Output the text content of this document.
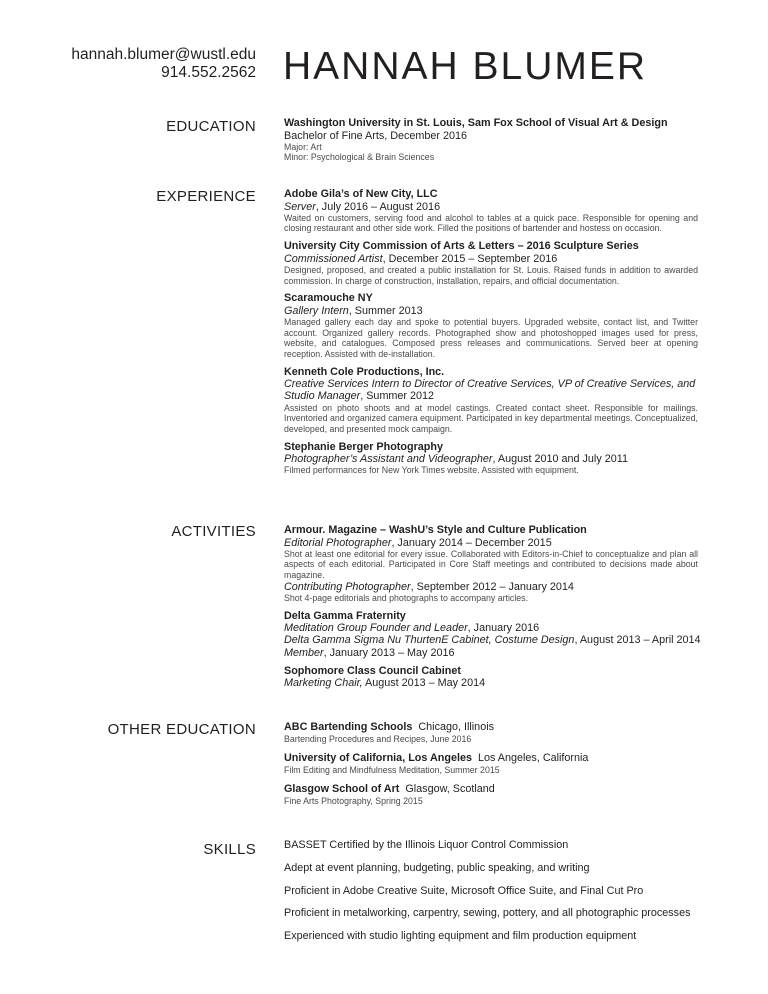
hannah.blumer@wustl.edu
914.552.2562 HANNAH BLUMER
EDUCATION	Washington University in St. Louis, Sam Fox School of Visual Art & Design
Bachelor of Fine Arts, December 2016
Major: Art
Minor: Psychological & Brain Sciences
EXPERIENCE	Adobe Gila’s of New City, LLC
Server, July 2016 – August 2016
Waited on customers, serving food and alcohol to tables at a quick pace. Responsible for opening and closing restaurant and other side work. Filled the positions of bartender and hostess on occasion.
University City Commission of Arts & Letters – 2016 Sculpture Series
Commissioned Artist, December 2015 – September 2016
Designed, proposed, and created a public installation for St. Louis. Raised funds in addition to awarded commission. In charge of construction, installation, repairs, and official documentation.
Scaramouche NY
Gallery Intern, Summer 2013
Managed gallery each day and spoke to potential buyers. Upgraded website, contact list, and Twitter account. Organized gallery records. Photographed show and photoshopped images used for press, website, and catalogues. Composed press releases and communications. Served beer at opening reception. Assisted with de-installation.
Kenneth Cole Productions, Inc.
Creative Services Intern to Director of Creative Services, VP of Creative Services, and Studio Manager, Summer 2012
Assisted on photo shoots and at model castings. Created contact sheet. Responsible for mailings. Inventoried and organized camera equipment. Participated in key departmental meetings. Conceptualized, developed, and presented mock campaign.
Stephanie Berger Photography
Photographer’s Assistant and Videographer, August 2010 and July 2011
Filmed performances for New York Times website. Assisted with equipment.
ACTIVITIES	Armour. Magazine – WashU’s Style and Culture Publication
Editorial Photographer, January 2014 – December 2015
Shot at least one editorial for every issue. Collaborated with Editors-in-Chief to conceptualize and plan all aspects of each editorial. Participated in Core Staff meetings and contributed to decisions made about magazine.
Contributing Photographer, September 2012 – January 2014
Shot 4-page editorials and photographs to accompany articles.
Delta Gamma Fraternity
Meditation Group Founder and Leader, January 2016
Delta Gamma Sigma Nu ThurtenE Cabinet, Costume Design, August 2013 – April 2014
Member, January 2013 – May 2016
Sophomore Class Council Cabinet
Marketing Chair, August 2013 – May 2014
OTHER EDUCATION	ABC Bartending Schools  Chicago, Illinois
Bartending Procedures and Recipes, June 2016
University of California, Los Angeles  Los Angeles, California
Film Editing and Mindfulness Meditation, Summer 2015
Glasgow School of Art  Glasgow, Scotland
Fine Arts Photography, Spring 2015
SKILLS	BASSET Certified by the Illinois Liquor Control Commission
Adept at event planning, budgeting, public speaking, and writing
Proficient in Adobe Creative Suite, Microsoft Office Suite, and Final Cut Pro
Proficient in metalworking, carpentry, sewing, pottery, and all photographic processes
Experienced with studio lighting equipment and film production equipment
